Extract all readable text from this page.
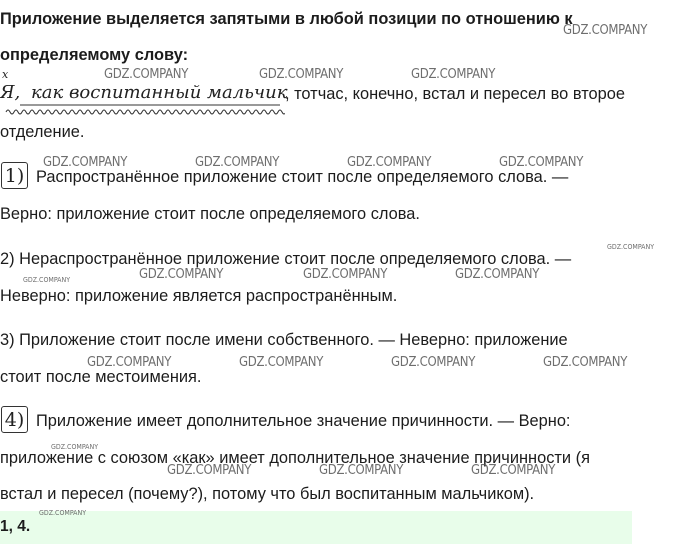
Приложение выделяется запятыми в любой позиции по отношению к
определяемому слову:
x
Я, как воспитанный мальчик
, тотчас, конечно, встал и пересел во второе
отделение.
1) Распространённое приложение стоит после определяемого слова. —
Верно: приложение стоит после определяемого слова.
2) Нераспространённое приложение стоит после определяемого слова. —
Неверно: приложение является распространённым.
3) Приложение стоит после имени собственного. — Неверно: приложение
стоит после местоимения.
4) Приложение имеет дополнительное значение причинности. — Верно:
приложение с союзом «как» имеет дополнительное значение причинности (я
встал и пересел (почему?), потому что был воспитанным мальчиком).
1, 4.
GDZ.COMPANY
GDZ.COMPANY	GDZ.COMPANY	GDZ.COMPANY
GDZ.COMPANY	GDZ.COMPANY	GDZ.COMPANY	GDZ.COMPANY
GDZ.COMPANY
GDZ.COMPANY	GDZ.COMPANY	GDZ.COMPANY	GDZ.COMPANY
GDZ.COMPANY	GDZ.COMPANY	GDZ.COMPANY	GDZ.COMPANY
GDZ.COMPANY
GDZ.COMPANY	GDZ.COMPANY	GDZ.COMPANY
GDZ.COMPANY
